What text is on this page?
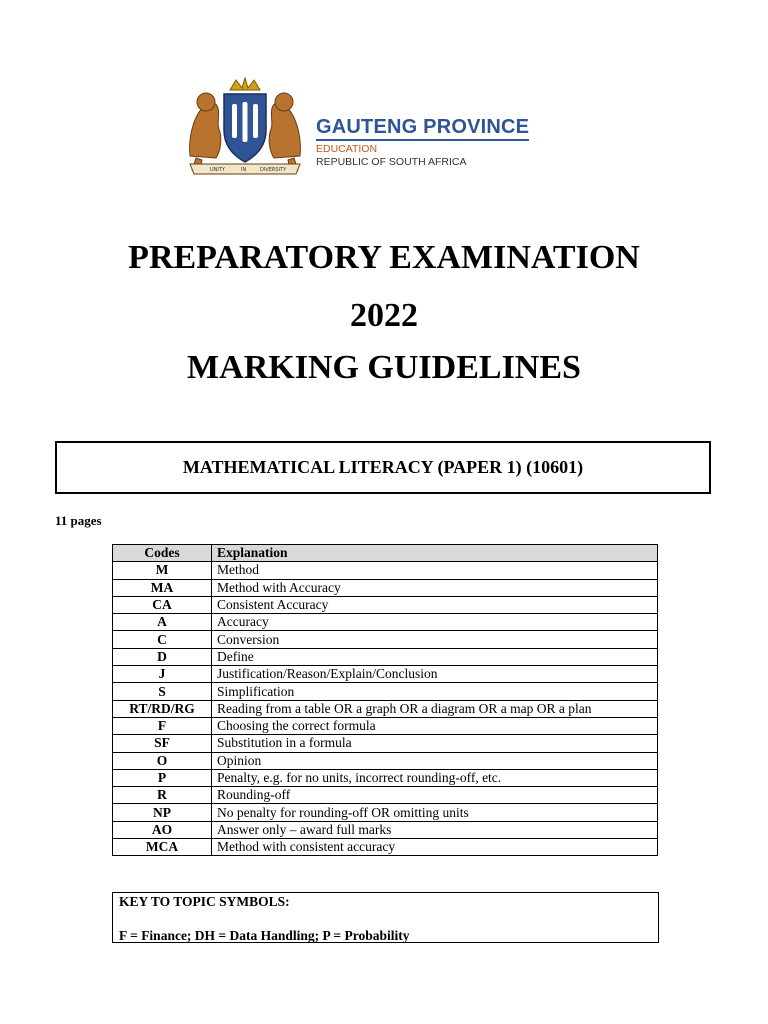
UNITY	IN	DIVERSITY
GAUTENG PROVINCE
EDUCATION
REPUBLIC OF SOUTH AFRICA
PREPARATORY EXAMINATION
2022
MARKING GUIDELINES
MATHEMATICAL LITERACY (PAPER 1) (10601)
11 pages
Codes	Explanation
M	Method
MA	Method with Accuracy
CA	Consistent Accuracy
A	Accuracy
C	Conversion
D	Define
J	Justification/Reason/Explain/Conclusion
S	Simplification
RT/RD/RG	Reading from a table OR a graph OR a diagram OR a map OR a plan
F	Choosing the correct formula
SF	Substitution in a formula
O	Opinion
P	Penalty, e.g. for no units, incorrect rounding-off, etc.
R	Rounding-off
NP	No penalty for rounding-off OR omitting units
AO	Answer only – award full marks
MCA	Method with consistent accuracy
KEY TO TOPIC SYMBOLS:
F = Finance; DH = Data Handling; P = Probability
